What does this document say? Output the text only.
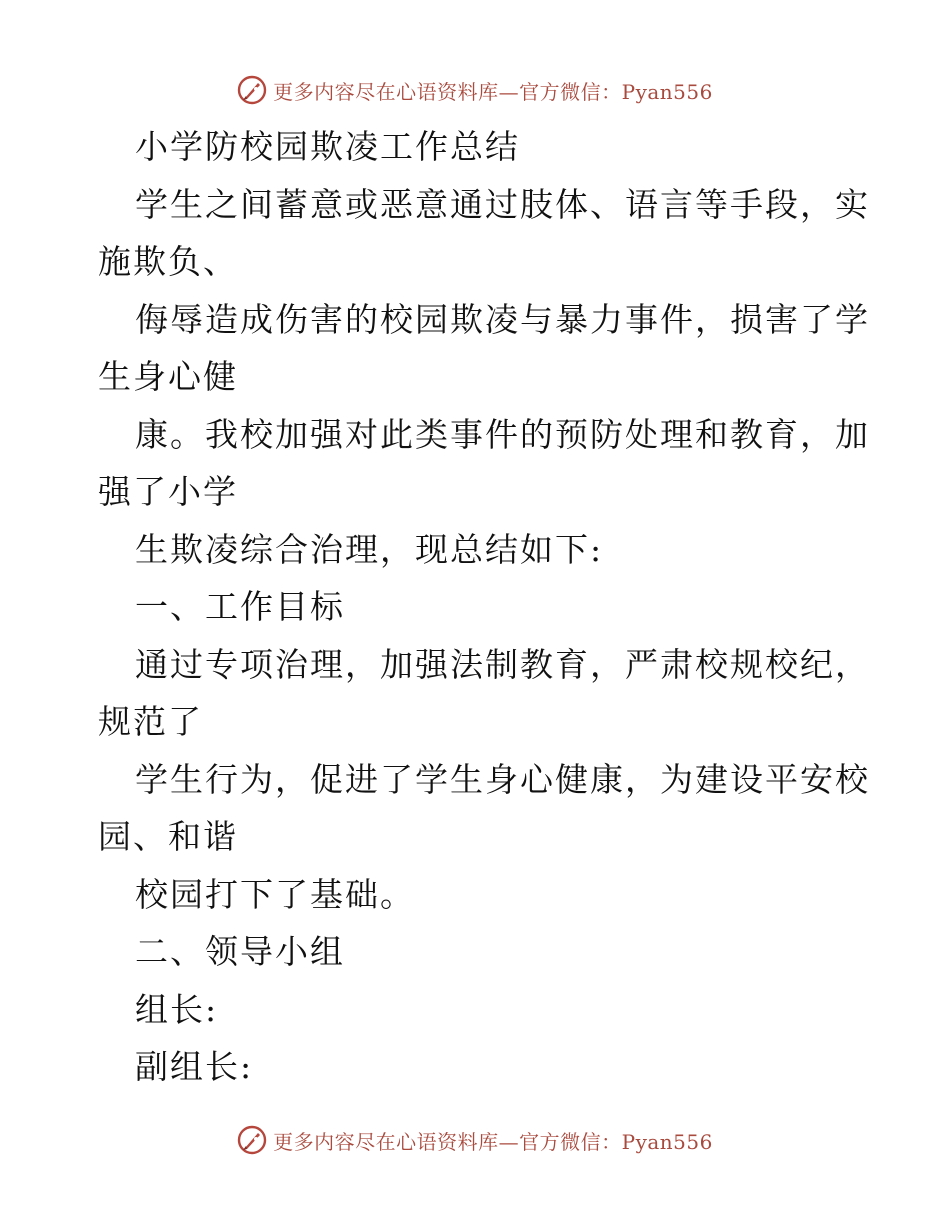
更多内容尽在心语资料库—官方微信：Pyan556

小学防校园欺凌工作总结

学生之间蓄意或恶意通过肢体、语言等手段，实

施欺负、

侮辱造成伤害的校园欺凌与暴力事件，损害了学

生身心健

康。我校加强对此类事件的预防处理和教育，加

强了小学

生欺凌综合治理，现总结如下:

一、工作目标

通过专项治理，加强法制教育，严肃校规校纪，

规范了

学生行为，促进了学生身心健康，为建设平安校

园、和谐

校园打下了基础。

二、领导小组

组长:

副组长:

更多内容尽在心语资料库—官方微信：Pyan556
